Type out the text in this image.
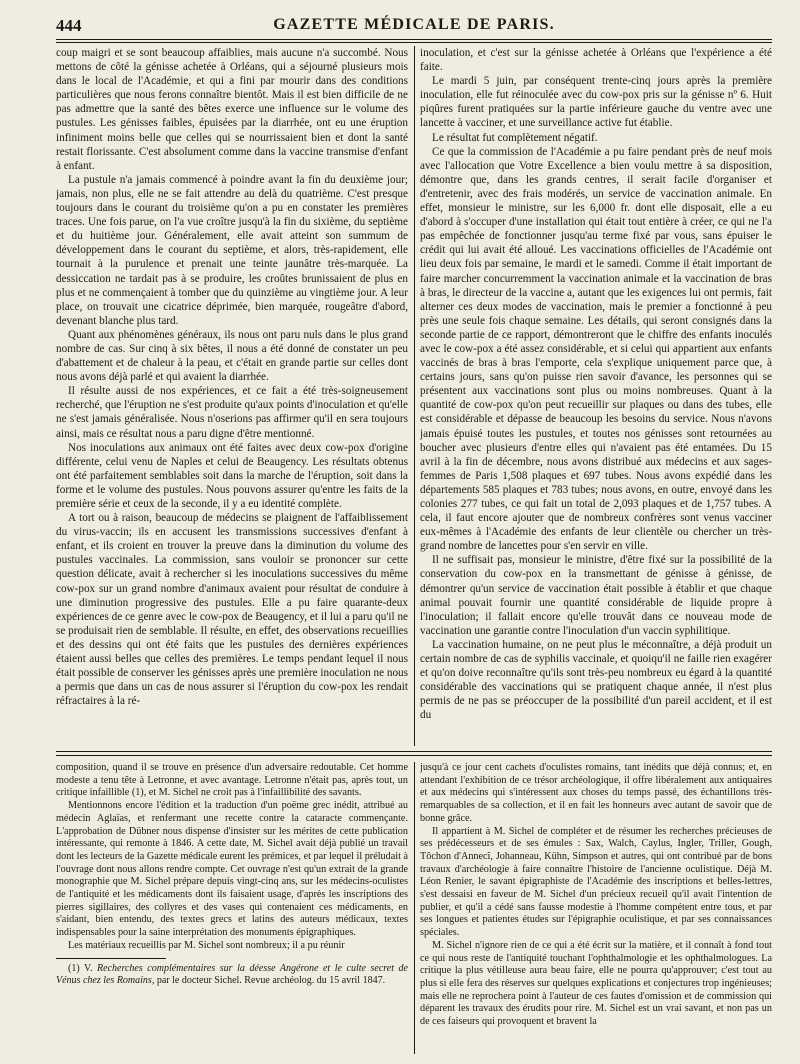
444	GAZETTE MÉDICALE DE PARIS.

coup maigri et se sont beaucoup affaiblies, mais aucune n'a succombé. Nous mettons de côté la génisse achetée à Orléans, qui a séjourné plusieurs mois dans le local de l'Académie, et qui a fini par mourir dans des conditions particulières que nous ferons connaître bientôt. Mais il est bien difficile de ne pas admettre que la santé des bêtes exerce une influence sur le volume des pustules. Les génisses faibles, épuisées par la diarrhée, ont eu une éruption infiniment moins belle que celles qui se nourrissaient bien et dont la santé restait florissante. C'est absolument comme dans la vaccine transmise d'enfant à enfant.

La pustule n'a jamais commencé à poindre avant la fin du deuxième jour; jamais, non plus, elle ne se fait attendre au delà du quatrième. C'est presque toujours dans le courant du troisième qu'on a pu en constater les premières traces. Une fois parue, on l'a vue croître jusqu'à la fin du sixième, du septième et du huitième jour. Généralement, elle avait atteint son summum de développement dans le courant du septième, et alors, très-rapidement, elle tournait à la purulence et prenait une teinte jaunâtre très-marquée. La dessiccation ne tardait pas à se produire, les croûtes brunissaient de plus en plus et ne commençaient à tomber que du quinzième au vingtième jour. A leur place, on trouvait une cicatrice déprimée, bien marquée, rougeâtre d'abord, devenant blanche plus tard.

Quant aux phénomènes généraux, ils nous ont paru nuls dans le plus grand nombre de cas. Sur cinq à six bêtes, il nous a été donné de constater un peu d'abattement et de chaleur à la peau, et c'était en grande partie sur celles dont nous avons déjà parlé et qui avaient la diarrhée.

Il résulte aussi de nos expériences, et ce fait a été très-soigneusement recherché, que l'éruption ne s'est produite qu'aux points d'inoculation et qu'elle ne s'est jamais généralisée. Nous n'oserions pas affirmer qu'il en sera toujours ainsi, mais ce résultat nous a paru digne d'être mentionné.

Nos inoculations aux animaux ont été faites avec deux cow-pox d'origine différente, celui venu de Naples et celui de Beaugency. Les résultats obtenus ont été parfaitement semblables soit dans la marche de l'éruption, soit dans la forme et le volume des pustules. Nous pouvons assurer qu'entre les faits de la première série et ceux de la seconde, il y a eu identité complète.

A tort ou à raison, beaucoup de médecins se plaignent de l'affaiblissement du virus-vaccin; ils en accusent les transmissions successives d'enfant à enfant, et ils croient en trouver la preuve dans la diminution du volume des pustules vaccinales. La commission, sans vouloir se prononcer sur cette question délicate, avait à rechercher si les inoculations successives du même cow-pox sur un grand nombre d'animaux avaient pour résultat de conduire à une diminution progressive des pustules. Elle a pu faire quarante-deux expériences de ce genre avec le cow-pox de Beaugency, et il lui a paru qu'il ne se produisait rien de semblable. Il résulte, en effet, des observations recueillies et des dessins qui ont été faits que les pustules des dernières expériences étaient aussi belles que celles des premières. Le temps pendant lequel il nous était possible de conserver les génisses après une première inoculation ne nous a permis que dans un cas de nous assurer si l'éruption du cow-pox les rendait réfractaires à la ré-

inoculation, et c'est sur la génisse achetée à Orléans que l'expérience a été faite.

Le mardi 5 juin, par conséquent trente-cinq jours après la première inoculation, elle fut réinoculée avec du cow-pox pris sur la génisse nº 6. Huit piqûres furent pratiquées sur la partie inférieure gauche du ventre avec une lancette à vacciner, et une surveillance active fut établie.

Le résultat fut complètement négatif.

Ce que la commission de l'Académie a pu faire pendant près de neuf mois avec l'allocation que Votre Excellence a bien voulu mettre à sa disposition, démontre que, dans les grands centres, il serait facile d'organiser et d'entretenir, avec des frais modérés, un service de vaccination animale. En effet, monsieur le ministre, sur les 6,000 fr. dont elle disposait, elle a eu d'abord à s'occuper d'une installation qui était tout entière à créer, ce qui ne l'a pas empêchée de fonctionner jusqu'au terme fixé par vous, sans épuiser le crédit qui lui avait été alloué. Les vaccinations officielles de l'Académie ont lieu deux fois par semaine, le mardi et le samedi. Comme il était important de faire marcher concurremment la vaccination animale et la vaccination de bras à bras, le directeur de la vaccine a, autant que les exigences lui ont permis, fait alterner ces deux modes de vaccination, mais le premier a fonctionné à peu près une seule fois chaque semaine. Les détails, qui seront consignés dans la seconde partie de ce rapport, démontreront que le chiffre des enfants inoculés avec le cow-pox a été assez considérable, et si celui qui appartient aux enfants vaccinés de bras à bras l'emporte, cela s'explique uniquement parce que, à certains jours, sans qu'on puisse rien savoir d'avance, les personnes qui se présentent aux vaccinations sont plus ou moins nombreuses. Quant à la quantité de cow-pox qu'on peut recueillir sur plaques ou dans des tubes, elle est considérable et dépasse de beaucoup les besoins du service. Nous n'avons jamais épuisé toutes les pustules, et toutes nos génisses sont retournées au boucher avec plusieurs d'entre elles qui n'avaient pas été entamées. Du 15 avril à la fin de décembre, nous avons distribué aux médecins et aux sages-femmes de Paris 1,508 plaques et 697 tubes. Nous avons expédié dans les départements 585 plaques et 783 tubes; nous avons, en outre, envoyé dans les colonies 277 tubes, ce qui fait un total de 2,093 plaques et de 1,757 tubes. A cela, il faut encore ajouter que de nombreux confrères sont venus vacciner eux-mêmes à l'Académie des enfants de leur clientèle ou chercher un très-grand nombre de lancettes pour s'en servir en ville.

Il ne suffisait pas, monsieur le ministre, d'être fixé sur la possibilité de la conservation du cow-pox en la transmettant de génisse à génisse, de démontrer qu'un service de vaccination était possible à établir et que chaque animal pouvait fournir une quantité considérable de liquide propre à l'inoculation; il fallait encore qu'elle trouvât dans ce nouveau mode de vaccination une garantie contre l'inoculation d'un vaccin syphilitique.

La vaccination humaine, on ne peut plus le méconnaître, a déjà produit un certain nombre de cas de syphilis vaccinale, et quoiqu'il ne faille rien exagérer et qu'on doive reconnaître qu'ils sont très-peu nombreux eu égard à la quantité considérable des vaccinations qui se pratiquent chaque année, il n'est plus permis de ne pas se préoccuper de la possibilité d'un pareil accident, et il est du

composition, quand il se trouve en présence d'un adversaire redoutable. Cet homme modeste a tenu tête à Letronne, et avec avantage. Letronne n'était pas, après tout, un critique infaillible (1), et M. Sichel ne croit pas à l'infaillibilité des savants.

Mentionnons encore l'édition et la traduction d'un poëme grec inédit, attribué au médecin Aglaïas, et renfermant une recette contre la cataracte commençante. L'approbation de Dübner nous dispense d'insister sur les mérites de cette publication intéressante, qui remonte à 1846. A cette date, M. Sichel avait déjà publié un travail dont les lecteurs de la Gazette médicale eurent les prémices, et par lequel il préludait à l'ouvrage dont nous allons rendre compte. Cet ouvrage n'est qu'un extrait de la grande monographie que M. Sichel prépare depuis vingt-cinq ans, sur les médecins-oculistes de l'antiquité et les médicaments dont ils faisaient usage, d'après les inscriptions des pierres sigillaires, des collyres et des vases qui contenaient ces médicaments, en s'aidant, bien entendu, des textes grecs et latins des auteurs médicaux, textes indispensables pour la saine interprétation des monuments épigraphiques.

Les matériaux recueillis par M. Sichel sont nombreux; il a pu réunir

(1) V. Recherches complémentaires sur la déesse Angérone et le culte secret de Vénus chez les Romains, par le docteur Sichel. Revue archéolog. du 15 avril 1847.

jusqu'à ce jour cent cachets d'oculistes romains, tant inédits que déjà connus; et, en attendant l'exhibition de ce trésor archéologique, il offre libéralement aux antiquaires et aux médecins qui s'intéressent aux choses du temps passé, des échantillons très-remarquables de sa collection, et il en fait les honneurs avec autant de savoir que de bonne grâce.

Il appartient à M. Sichel de compléter et de résumer les recherches précieuses de ses prédécesseurs et de ses émules : Sax, Walch, Caylus, Ingler, Triller, Gough, Tôchon d'Annecî, Johanneau, Kühn, Simpson et autres, qui ont contribué par de bons travaux d'archéologie à faire connaître l'histoire de l'ancienne oculistique. Déjà M. Léon Renier, le savant épigraphiste de l'Académie des inscriptions et belles-lettres, s'est dessaisi en faveur de M. Sichel d'un précieux recueil qu'il avait l'intention de publier, et qu'il a cédé sans fausse modestie à l'homme compétent entre tous, et par ses longues et patientes études sur l'épigraphie oculistique, et par ses connaissances spéciales.

M. Sichel n'ignore rien de ce qui a été écrit sur la matière, et il connaît à fond tout ce qui nous reste de l'antiquité touchant l'ophthalmologie et les ophthalmologues. La critique la plus vétilleuse aura beau faire, elle ne pourra qu'approuver; c'est tout au plus si elle fera des réserves sur quelques explications et conjectures trop ingénieuses; mais elle ne reprochera point à l'auteur de ces fautes d'omission et de commission qui déparent les travaux des érudits pour rire. M. Sichel est un vrai savant, et non pas un de ces faiseurs qui provoquent et bravent la
